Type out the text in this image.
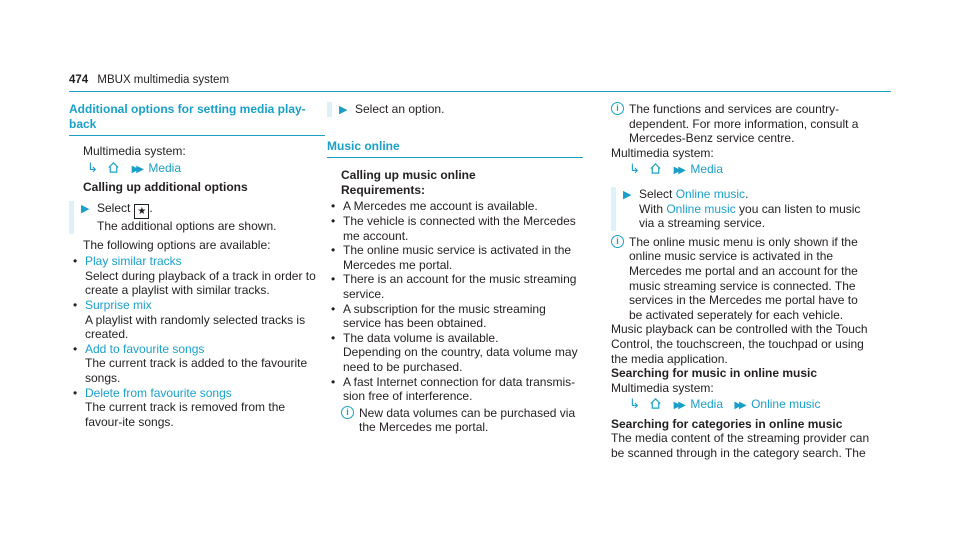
474 MBUX multimedia system
Additional options for setting media play-back
Multimedia system:
↳	▶▶ Media
Calling up additional options
▶ Select ★ .
The additional options are shown.
The following options are available:
• Play similar tracks
Select during playback of a track in order to create a playlist with similar tracks.
• Surprise mix
A playlist with randomly selected tracks is created.
• Add to favourite songs
The current track is added to the favourite songs.
• Delete from favourite songs
The current track is removed from the favour-ite songs.
▶ Select an option.
Music online
Calling up music online
Requirements:
• A Mercedes me account is available.
• The vehicle is connected with the Mercedes me account.
• The online music service is activated in the Mercedes me portal.
• There is an account for the music streaming service.
• A subscription for the music streaming service has been obtained.
• The data volume is available.
Depending on the country, data volume may need to be purchased.
• A fast Internet connection for data transmis-sion free of interference.
i New data volumes can be purchased via the Mercedes me portal.
i The functions and services are country-dependent. For more information, consult a Mercedes-Benz service centre.
Multimedia system:
↳	▶▶ Media
▶ Select Online music.
With Online music you can listen to music via a streaming service.
i The online music menu is only shown if the online music service is activated in the Mercedes me portal and an account for the music streaming service is connected. The services in the Mercedes me portal have to be activated seperately for each vehicle.
Music playback can be controlled with the Touch Control, the touchscreen, the touchpad or using the media application.
Searching for music in online music
Multimedia system:
↳	▶▶ Media ▶▶ Online music
Searching for categories in online music
The media content of the streaming provider can be scanned through in the category search. The
